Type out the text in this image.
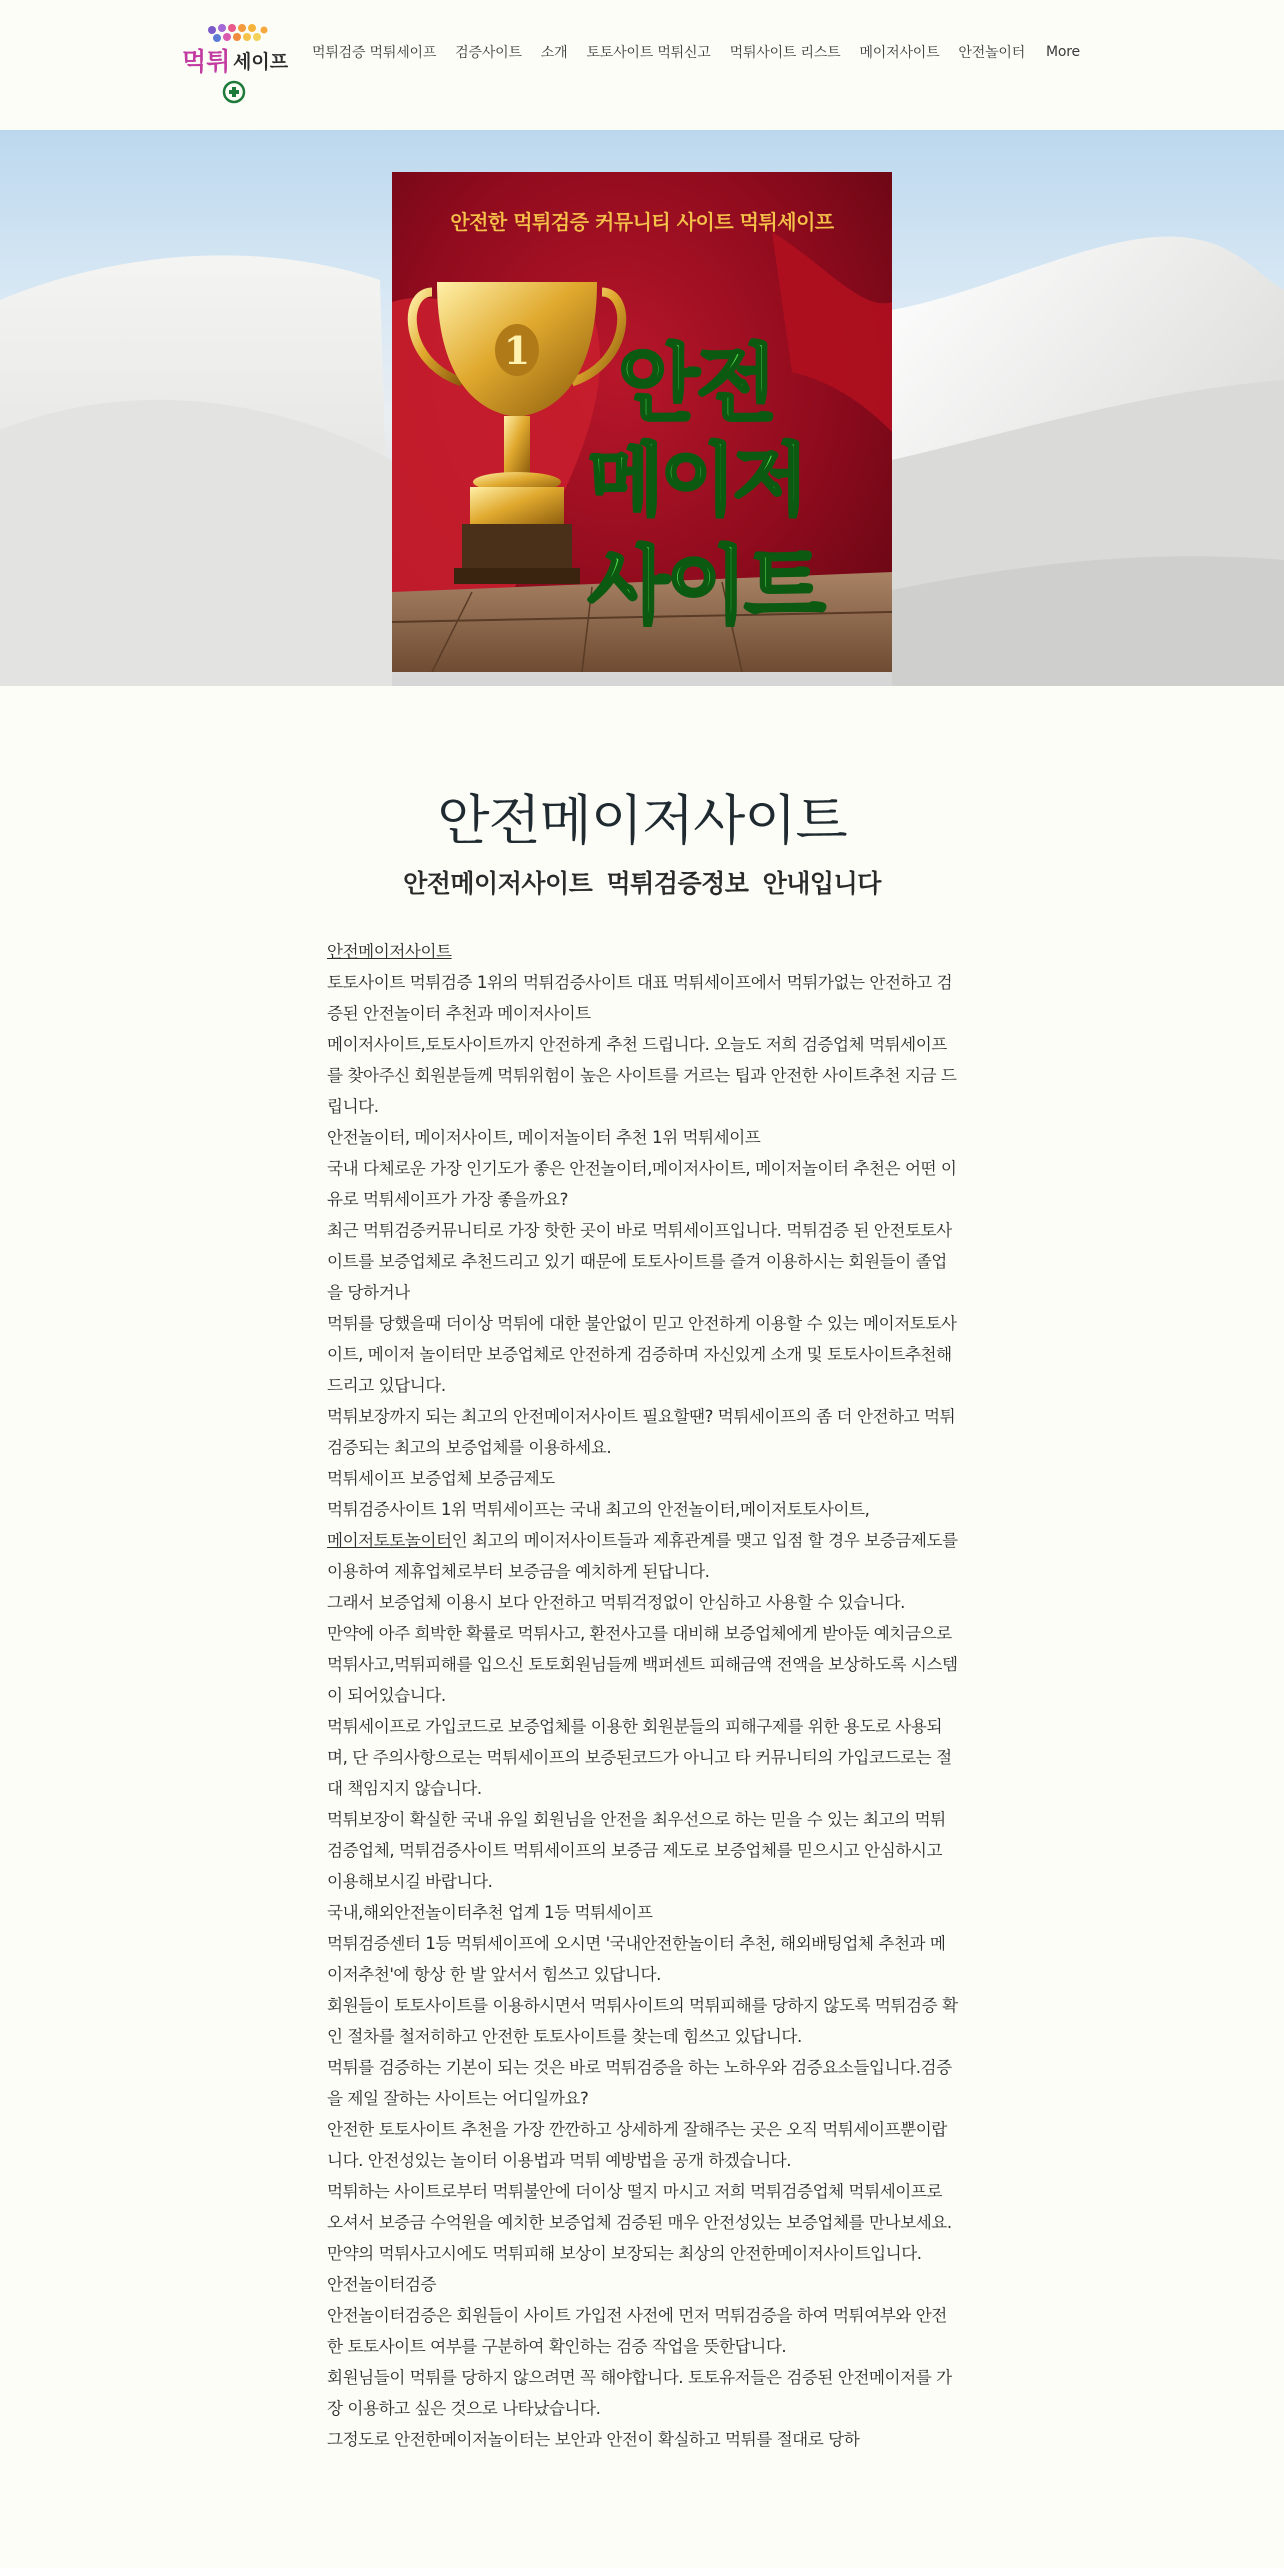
먹튀 세이프 먹튀검증 먹튀세이프 검증사이트 소개 토토사이트 먹튀신고 먹튀사이트 리스트 메이저사이트 안전놀이터 More
1
안전한 먹튀검증 커뮤니티 사이트 먹튀세이프
안전
메이저
사이트
안전메이저사이트
안전메이저사이트 먹튀검증정보 안내입니다

안전메이저사이트

토토사이트 먹튀검증 1위의 먹튀검증사이트 대표 먹튀세이프에서 먹튀가없는 안전하고 검증된 안전놀이터 추천과 메이저사이트

메이저사이트,토토사이트까지 안전하게 추천 드립니다. 오늘도 저희 검증업체 먹튀세이프를 찾아주신 회원분들께 먹튀위험이 높은 사이트를 거르는 팁과 안전한 사이트추천 지금 드립니다.

안전놀이터, 메이저사이트, 메이저놀이터 추천 1위 먹튀세이프

국내 다체로운 가장 인기도가 좋은 안전놀이터,메이저사이트, 메이저놀이터 추천은 어떤 이유로 먹튀세이프가 가장 좋을까요?

최근 먹튀검증커뮤니티로 가장 핫한 곳이 바로 먹튀세이프입니다. 먹튀검증 된 안전토토사이트를 보증업체로 추천드리고 있기 때문에 토토사이트를 즐겨 이용하시는 회원들이 졸업을 당하거나

먹튀를 당했을때 더이상 먹튀에 대한 불안없이 믿고 안전하게 이용할 수 있는 메이저토토사이트, 메이저 놀이터만 보증업체로 안전하게 검증하며 자신있게 소개 및 토토사이트추천해드리고 있답니다.

먹튀보장까지 되는 최고의 안전메이저사이트 필요할땐? 먹튀세이프의 좀 더 안전하고 먹튀검증되는 최고의 보증업체를 이용하세요.

먹튀세이프 보증업체 보증금제도

먹튀검증사이트 1위 먹튀세이프는 국내 최고의 안전놀이터,메이저토토사이트,
메이저토토놀이터인 최고의 메이저사이트들과 제휴관계를 맺고 입점 할 경우 보증금제도를 이용하여 제휴업체로부터 보증금을 예치하게 된답니다.

그래서 보증업체 이용시 보다 안전하고 먹튀걱정없이 안심하고 사용할 수 있습니다.

만약에 아주 희박한 확률로 먹튀사고, 환전사고를 대비해 보증업체에게 받아둔 예치금으로 먹튀사고,먹튀피해를 입으신 토토회원님들께 백퍼센트 피해금액 전액을 보상하도록 시스템이 되어있습니다.

먹튀세이프로 가입코드로 보증업체를 이용한 회원분들의 피해구제를 위한 용도로 사용되며, 단 주의사항으로는 먹튀세이프의 보증된코드가 아니고 타 커뮤니티의 가입코드로는 절대 책임지지 않습니다.

먹튀보장이 확실한 국내 유일 회원님을 안전을 최우선으로 하는 믿을 수 있는 최고의 먹튀검증업체, 먹튀검증사이트 먹튀세이프의 보증금 제도로 보증업체를 믿으시고 안심하시고 이용해보시길 바랍니다.

국내,해외안전놀이터추천 업계 1등 먹튀세이프

먹튀검증센터 1등 먹튀세이프에 오시면 '국내안전한놀이터 추천, 해외배팅업체 추천과 메이저추천'에 항상 한 발 앞서서 힘쓰고 있답니다.

회원들이 토토사이트를 이용하시면서 먹튀사이트의 먹튀피해를 당하지 않도록 먹튀검증 확인 절차를 철저히하고 안전한 토토사이트를 찾는데 힘쓰고 있답니다.

먹튀를 검증하는 기본이 되는 것은 바로 먹튀검증을 하는 노하우와 검증요소들입니다.검증을 제일 잘하는 사이트는 어디일까요?

안전한 토토사이트 추천을 가장 깐깐하고 상세하게 잘해주는 곳은 오직 먹튀세이프뿐이랍니다. 안전성있는 놀이터 이용법과 먹튀 예방법을 공개 하겠습니다.

먹튀하는 사이트로부터 먹튀불안에 더이상 떨지 마시고 저희 먹튀검증업체 먹튀세이프로 오셔서 보증금 수억원을 예치한 보증업체 검증된 매우 안전성있는 보증업체를 만나보세요.

만약의 먹튀사고시에도 먹튀피해 보상이 보장되는 최상의 안전한메이저사이트입니다.

안전놀이터검증

안전놀이터검증은 회원들이 사이트 가입전 사전에 먼저 먹튀검증을 하여 먹튀여부와 안전한 토토사이트 여부를 구분하여 확인하는 검증 작업을 뜻한답니다.

회원님들이 먹튀를 당하지 않으려면 꼭 해야합니다. 토토유저들은 검증된 안전메이저를 가장 이용하고 싶은 것으로 나타났습니다.

그정도로 안전한메이저놀이터는 보안과 안전이 확실하고 먹튀를 절대로 당하
